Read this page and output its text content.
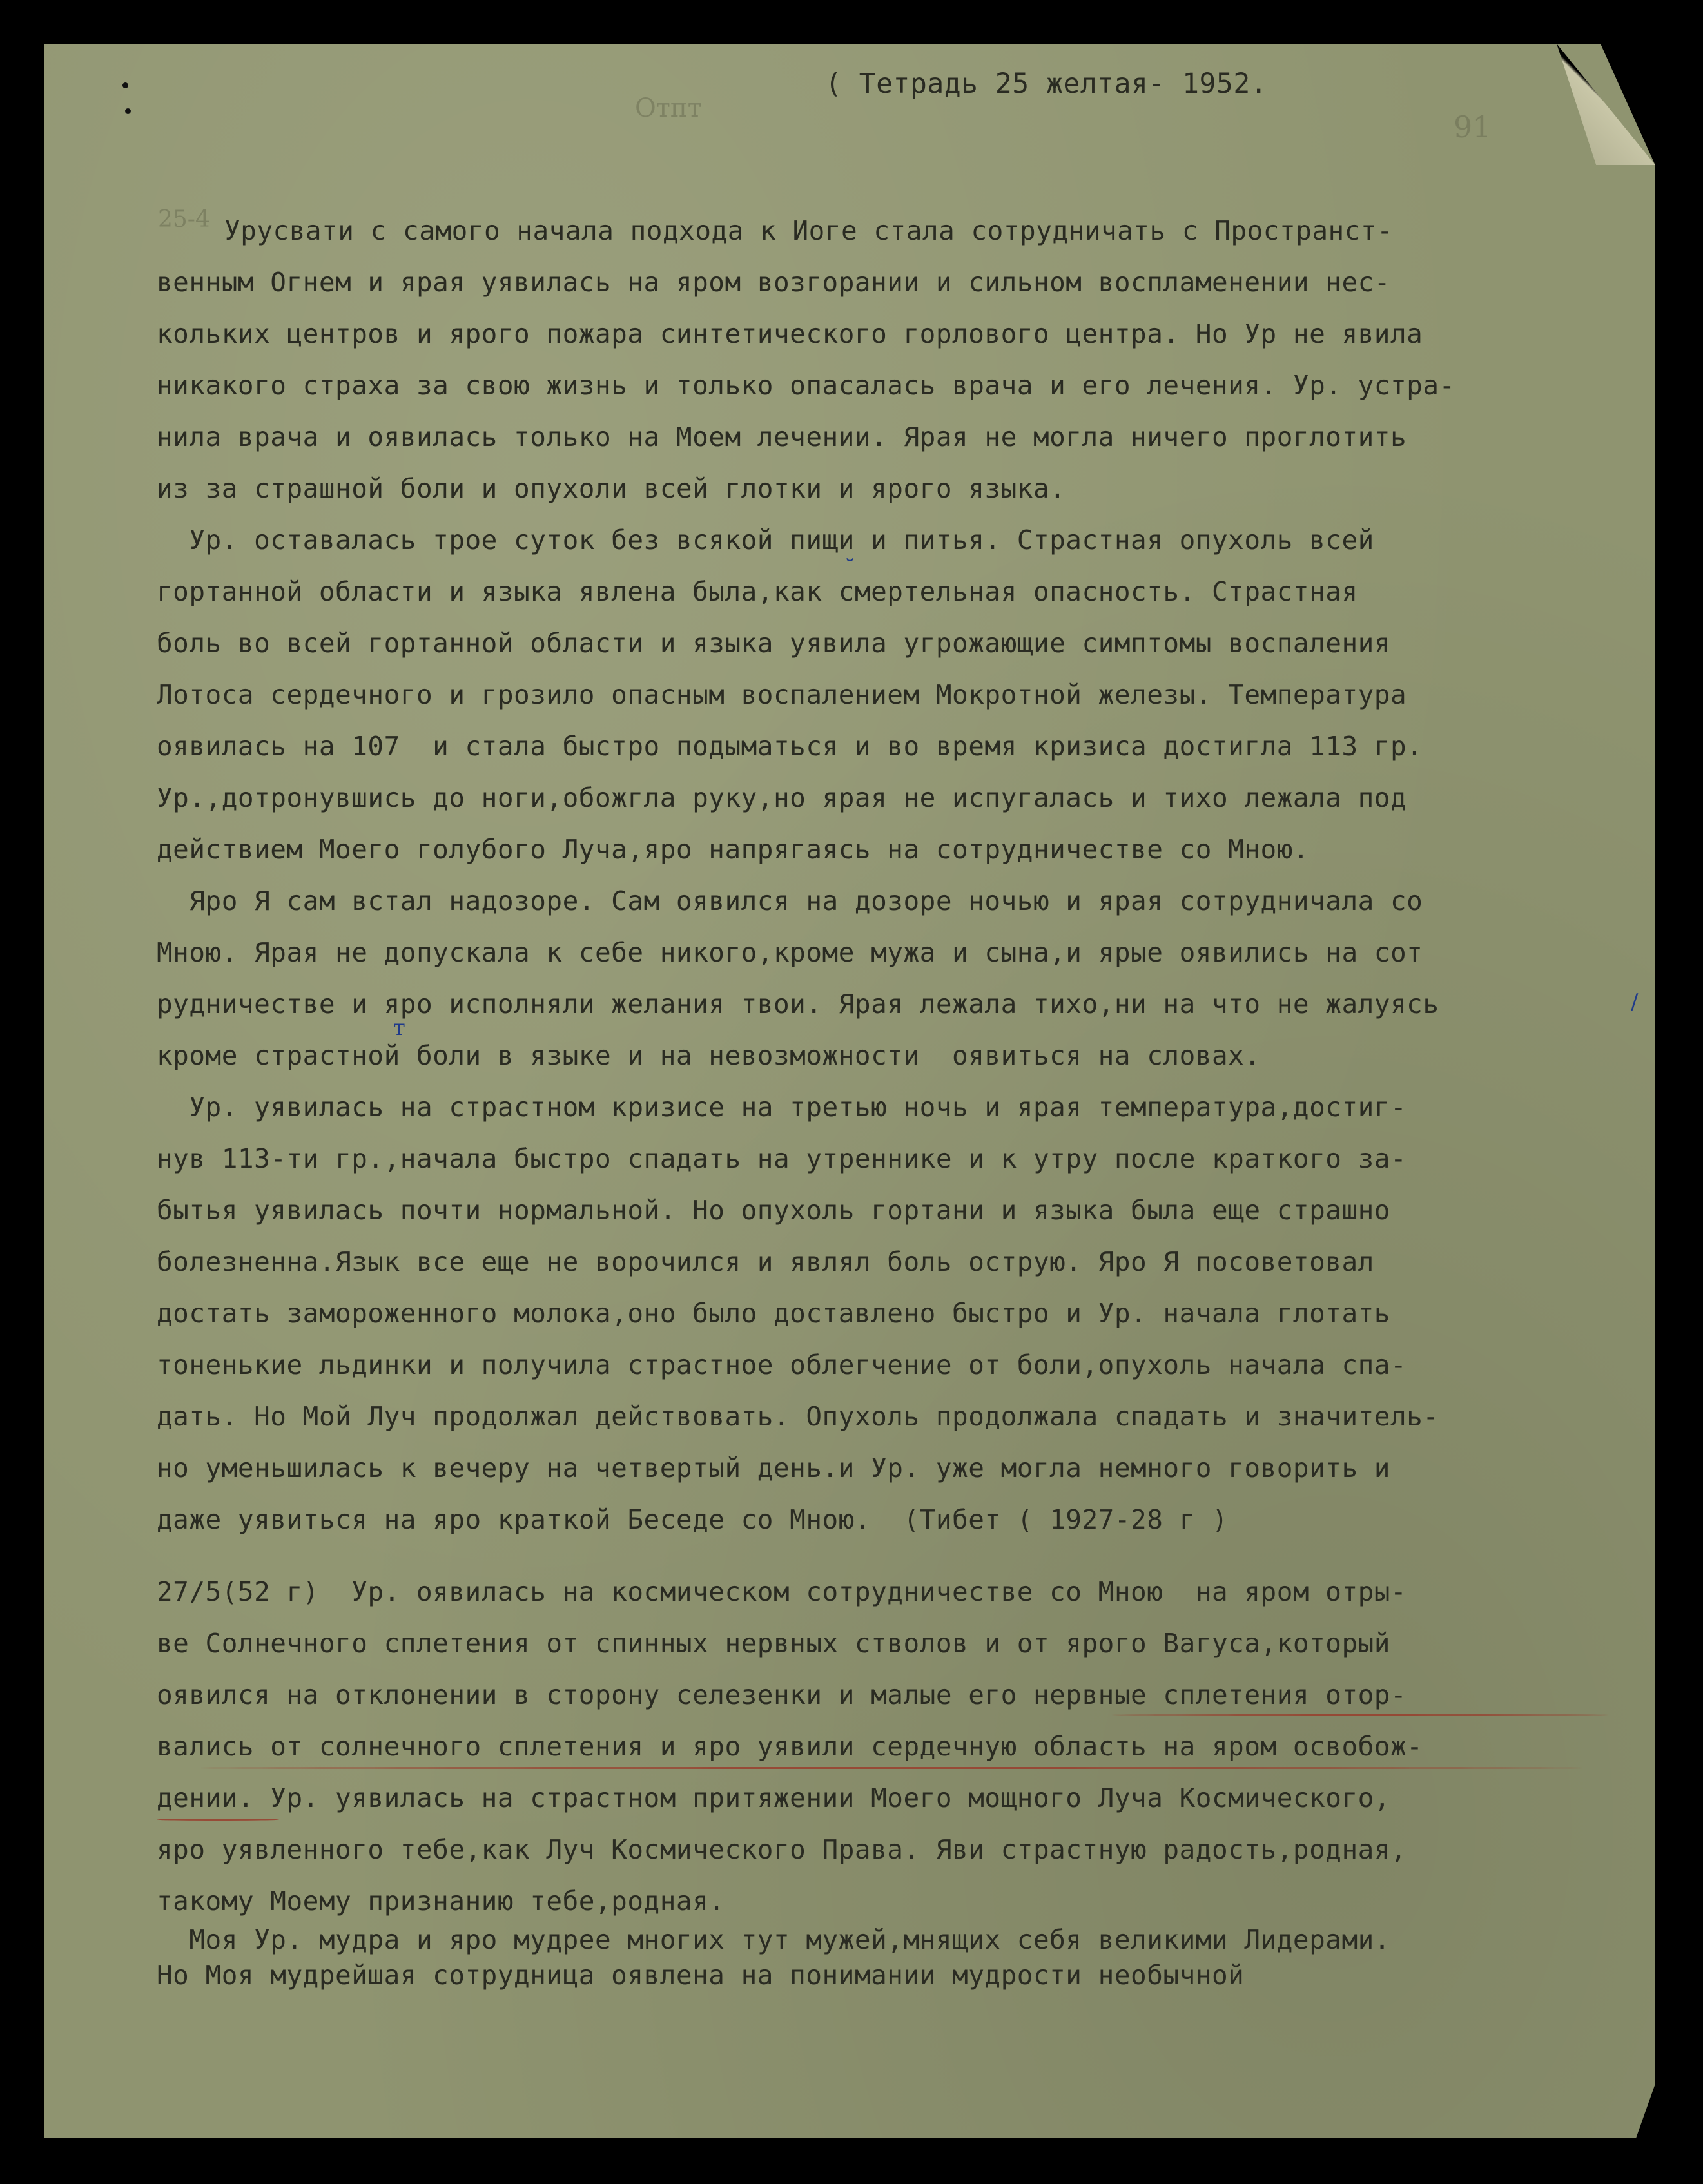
Отпт
( Тетрадь 25 желтая- 1952.
91
25-4 Урусвати с самого начала подхода к Иоге стала сотрудничать с Пространст-
венным Огнем и ярая уявилась на яром возгорании и сильном воспламенении нес-
кольких центров и ярого пожара синтетического горлового центра. Но Ур не явила
никакого страха за свою жизнь и только опасалась врача и его лечения. Ур. устра-
нила врача и оявилась только на Моем лечении. Ярая не могла ничего проглотить
из за страшной боли и опухоли всей глотки и ярого языка.
Ур. оставалась трое суток без всякой пищи и питья. Страстная опухоль всей
гортанной области и языка явлена была,как смертельная опасность. Страстная
боль во всей гортанной области и языка уявила угрожающие симптомы воспаления
Лотоса сердечного и грозило опасным воспалением Мокротной железы. Температура
оявилась на 107  и стала быстро подыматься и во время кризиса достигла 113 гр.
Ур.,дотронувшись до ноги,обожгла руку,но ярая не испугалась и тихо лежала под
действием Моего голубого Луча,яро напрягаясь на сотрудничестве со Мною.
Яро Я сам встал надозоре. Сам оявился на дозоре ночью и ярая сотрудничала со
Мною. Ярая не допускала к себе никого,кроме мужа и сына,и ярые оявились на сот
рудничестве и яро исполняли желания твои. Ярая лежала тихо,ни на что не жалуясь
кроме страстной боли в языке и на невозможности  оявиться на словах.
Ур. уявилась на страстном кризисе на третью ночь и ярая температура,достиг-
нув 113-ти гр.,начала быстро спадать на утреннике и к утру после краткого за-
бытья уявилась почти нормальной. Но опухоль гортани и языка была еще страшно
болезненна.Язык все еще не ворочился и являл боль острую. Яро Я посоветовал
достать замороженного молока,оно было доставлено быстро и Ур. начала глотать
тоненькие льдинки и получила страстное облегчение от боли,опухоль начала спа-
дать. Но Мой Луч продолжал действовать. Опухоль продолжала спадать и значитель-
но уменьшилась к вечеру на четвертый день.и Ур. уже могла немного говорить и
даже уявиться на яро краткой Беседе со Мною.  (Тибет ( 1927-28 г )
27/5(52 г)  Ур. оявилась на космическом сотрудничестве со Мною  на яром отры-
ве Солнечного сплетения от спинных нервных стволов и от ярого Вагуса,который
оявился на отклонении в сторону селезенки и малые его нервные сплетения отор-
вались от солнечного сплетения и яро уявили сердечную область на яром освобож-
дении. Ур. уявилась на страстном притяжении Моего мощного Луча Космического,
яро уявленного тебе,как Луч Космического Права. Яви страстную радость,родная,
такому Моему признанию тебе,родная.
Моя Ур. мудра и яро мудрее многих тут мужей,мнящих себя великими Лидерами.
Но Моя мудрейшая сотрудница оявлена на понимании мудрости необычной
˘
/
т
